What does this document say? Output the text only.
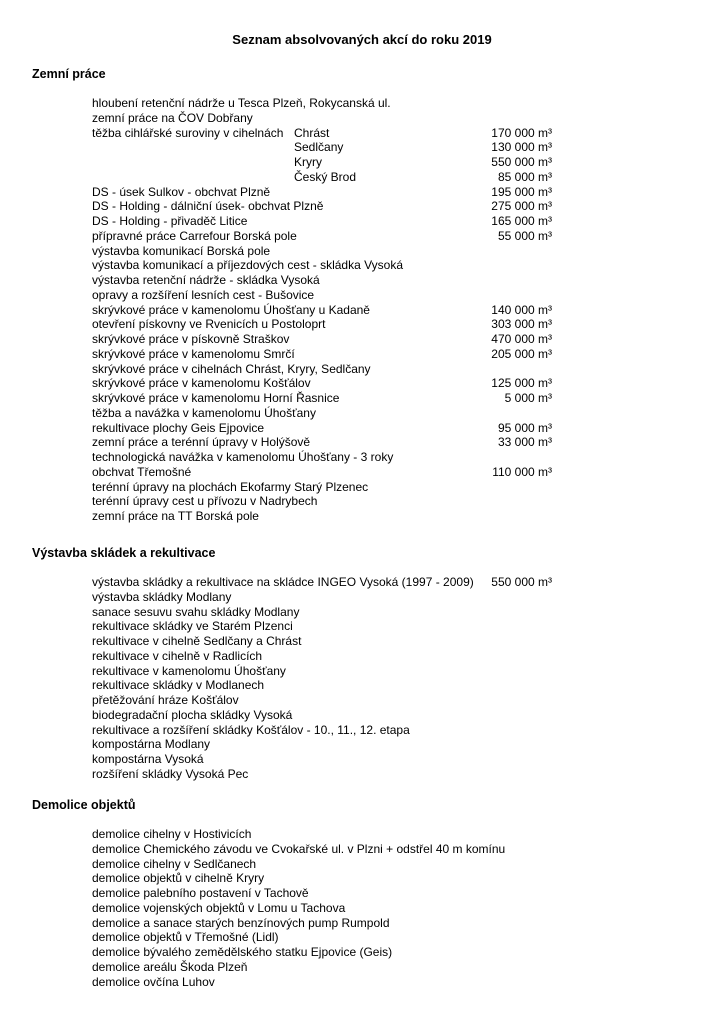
Seznam absolvovaných akcí do roku 2019
Zemní práce
hloubení retenční nádrže u Tesca Plzeň, Rokycanská ul.
zemní práce na ČOV Dobřany
těžba cihlářské suroviny v cihelnách Chrást	170 000 m³
Sedlčany	130 000 m³
Kryry	550 000 m³
Český Brod	85 000 m³
DS - úsek Sulkov - obchvat Plzně	195 000 m³
DS - Holding - dálniční úsek- obchvat Plzně	275 000 m³
DS - Holding - přivaděč Litice	165 000 m³
přípravné práce Carrefour Borská pole	55 000 m³
výstavba komunikací Borská pole
výstavba komunikací a příjezdových cest - skládka Vysoká
výstavba retenční nádrže - skládka Vysoká
opravy a rozšíření lesních cest - Bušovice
skrývkové práce v kamenolomu Úhošťany u Kadaně	140 000 m³
otevření pískovny ve Rvenicích u Postoloprt	303 000 m³
skrývkové práce v pískovně Straškov	470 000 m³
skrývkové práce v kamenolomu Smrčí	205 000 m³
skrývkové práce v cihelnách Chrást, Kryry, Sedlčany
skrývkové práce v kamenolomu Košťálov	125 000 m³
skrývkové práce v kamenolomu Horní Řasnice	5 000 m³
těžba a navážka v kamenolomu Úhošťany
rekultivace plochy Geis Ejpovice	95 000 m³
zemní práce a terénní úpravy v Holýšově	33 000 m³
technologická navážka v kamenolomu Úhošťany - 3 roky
obchvat Třemošné	110 000 m³
terénní úpravy na plochách Ekofarmy Starý Plzenec
terénní úpravy cest u přívozu v Nadrybech
zemní práce na TT Borská pole
Výstavba skládek a rekultivace
výstavba skládky a rekultivace na skládce INGEO Vysoká (1997 - 2009) 550 000 m³
výstavba skládky Modlany
sanace sesuvu svahu skládky Modlany
rekultivace skládky ve Starém Plzenci
rekultivace v cihelně Sedlčany a Chrást
rekultivace v cihelně v Radlicích
rekultivace v kamenolomu Úhošťany
rekultivace skládky v Modlanech
přetěžování hráze Košťálov
biodegradační plocha skládky Vysoká
rekultivace a rozšíření skládky Košťálov - 10., 11., 12. etapa
kompostárna Modlany
kompostárna Vysoká
rozšíření skládky Vysoká Pec
Demolice objektů
demolice cihelny v Hostivicích
demolice Chemického závodu ve Cvokařské ul. v Plzni + odstřel 40 m komínu
demolice cihelny v Sedlčanech
demolice objektů v cihelně Kryry
demolice palebního postavení v Tachově
demolice vojenských objektů v Lomu u Tachova
demolice a sanace starých benzínových pump Rumpold
demolice objektů v Třemošné (Lidl)
demolice bývalého zemědělského statku Ejpovice (Geis)
demolice areálu Škoda Plzeň
demolice ovčína Luhov
